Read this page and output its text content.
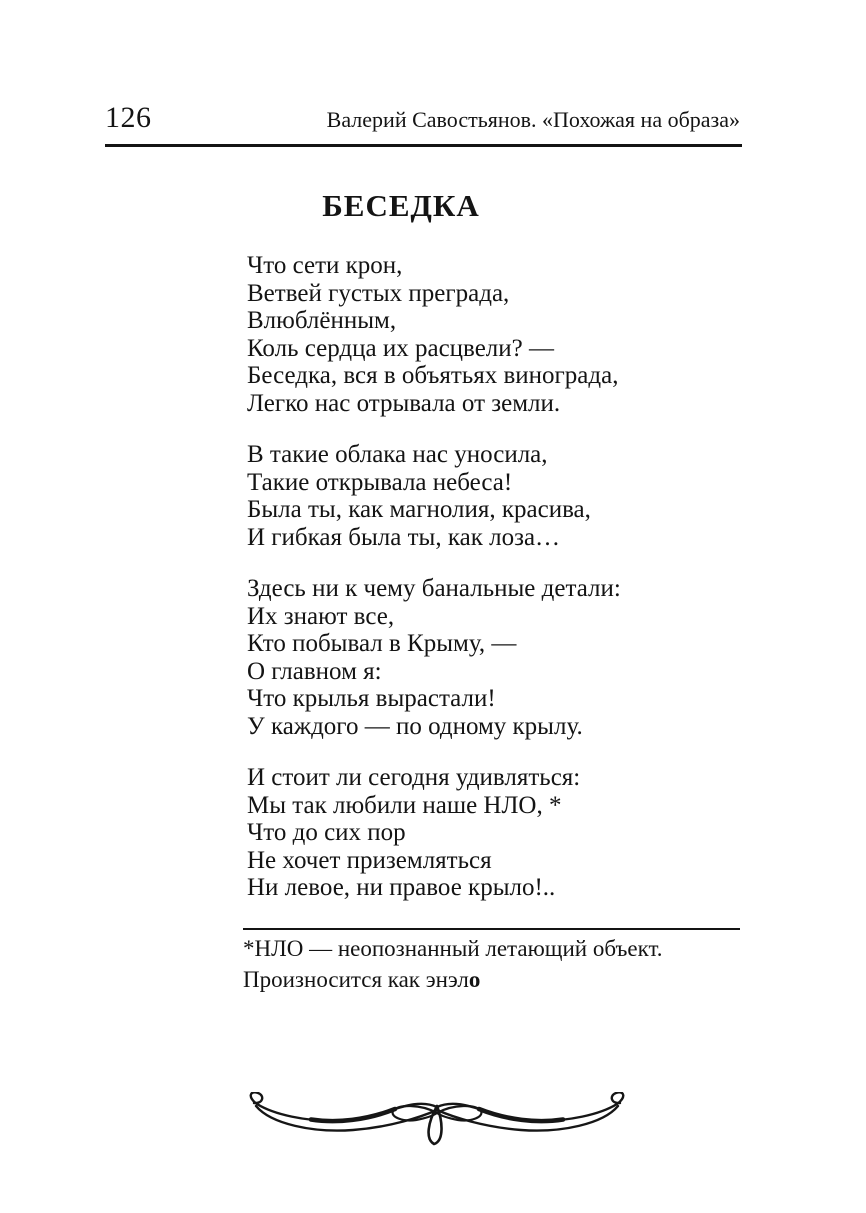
126	Валерий Савостьянов. «Похожая на образа»
БЕСЕДКА
Что сети крон,
Ветвей густых преграда,
Влюблённым,
Коль сердца их расцвели? —
Беседка, вся в объятьях винограда,
Легко нас отрывала от земли.
В такие облака нас уносила,
Такие открывала небеса!
Была ты, как магнолия, красива,
И гибкая была ты, как лоза…
Здесь ни к чему банальные детали:
Их знают все,
Кто побывал в Крыму, —
О главном я:
Что крылья вырастали!
У каждого — по одному крылу.
И стоит ли сегодня удивляться:
Мы так любили наше НЛО, *
Что до сих пор
Не хочет приземляться
Ни левое, ни правое крыло!..
*НЛО — неопознанный летающий объект.
Произносится как энэло
